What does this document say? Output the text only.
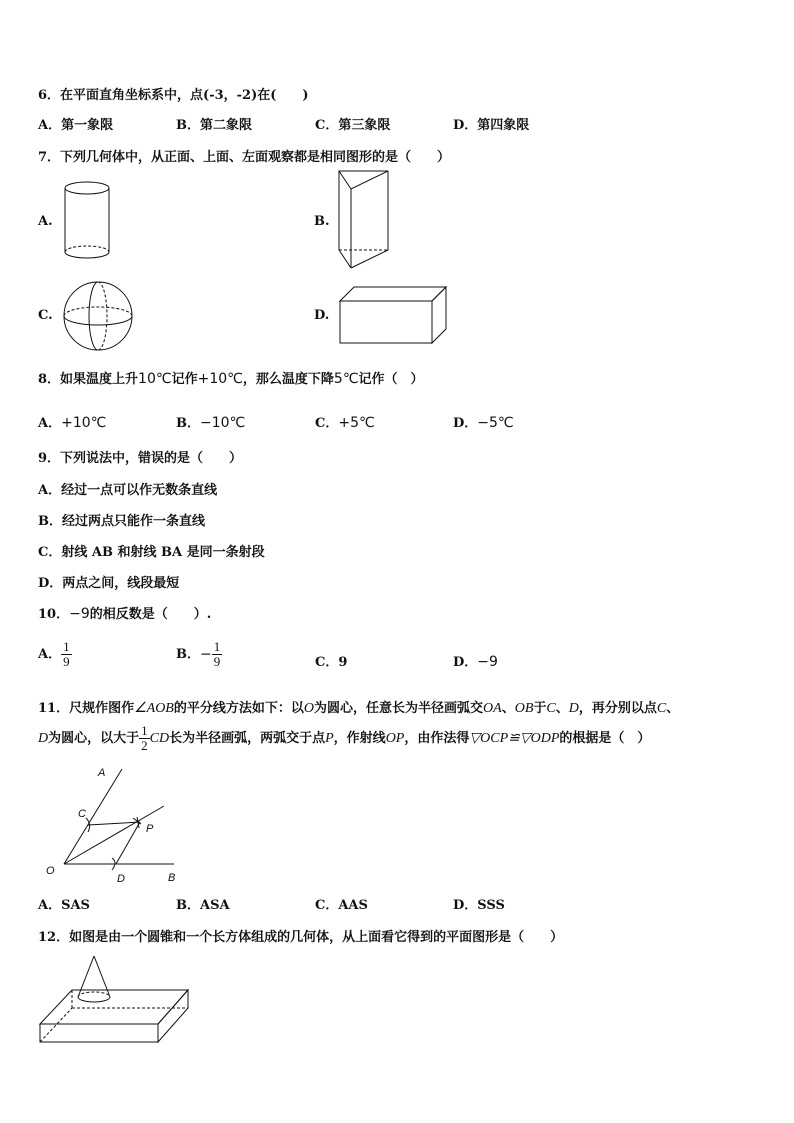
6．在平面直角坐标系中，点(-3，-2)在(　　)
A．第一象限	B．第二象限	C．第三象限	D．第四象限
7．下列几何体中，从正面、上面、左面观察都是相同图形的是（　　）
A.	B.
C.	D.
8．如果温度上升10℃记作+10℃，那么温度下降5℃记作（　）
A．+10℃	B．−10℃	C．+5℃	D．−5℃
9．下列说法中，错误的是（　　）
A．经过一点可以作无数条直线
B．经过两点只能作一条直线
C．射线 AB 和射线 BA 是同一条射段
D．两点之间，线段最短
10．−9的相反数是（　　）.
A． $\frac{1}{9}$	B．− $\frac{1}{9}$	C．9	D．−9
11．尺规作图作∠AOB的平分线方法如下：以O为圆心，任意长为半径画弧交OA、OB于C、D，再分别以点C、
D为圆心，以大于 $\frac{1}{2}$ CD长为半径画弧，两弧交于点P，作射线OP，由作法得▽OCP≌▽ODP的根据是（　）
A
C
P
O
D	B
A．SAS	B．ASA	C．AAS	D．SSS
12．如图是由一个圆锥和一个长方体组成的几何体，从上面看它得到的平面图形是（　　）
